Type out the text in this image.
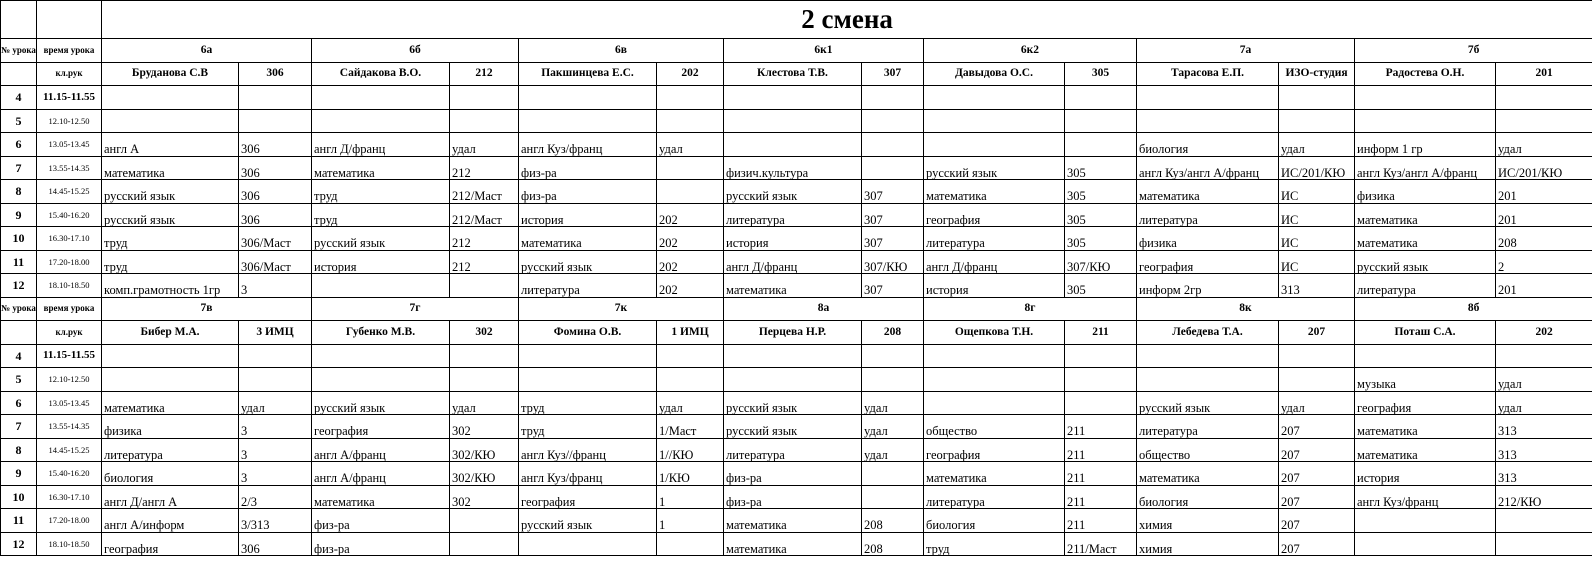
		2 смена													
№ урока	время урока	6а		6б		6в		6к1		6к2		7а		7б	
	кл.рук	Бруданова С.В	306	Сайдакова В.О.	212	Пакшинцева Е.С.	202	Клестова Т.В.	307	Давыдова О.С.	305	Тарасова Е.П.	ИЗО-студия	Радостева О.Н.	201
4	11.15-11.55														
5	12.10-12.50														
6	13.05-13.45	англ А	306	англ Д/франц	удал	англ Куз/франц	удал					биология	удал	информ 1 гр	удал
7	13.55-14.35	математика	306	математика	212	физ-ра		физич.культура		русский язык	305	англ Куз/англ А/франц	ИС/201/КЮ	англ Куз/англ А/франц	ИС/201/КЮ
8	14.45-15.25	русский язык	306	труд	212/Маст	физ-ра		русский язык	307	математика	305	математика	ИС	физика	201
9	15.40-16.20	русский язык	306	труд	212/Маст	история	202	литература	307	география	305	литература	ИС	математика	201
10	16.30-17.10	труд	306/Маст	русский язык	212	математика	202	история	307	литература	305	физика	ИС	математика	208
11	17.20-18.00	труд	306/Маст	история	212	русский язык	202	англ Д/франц	307/КЮ	англ Д/франц	307/КЮ	география	ИС	русский язык	2
12	18.10-18.50	комп.грамотность 1гр	3			литература	202	математика	307	история	305	информ 2гр	313	литература	201
№ урока	время урока	7в		7г		7к		8а		8г		8к		8б	
	кл.рук	Бибер М.А.	3 ИМЦ	Губенко М.В.	302	Фомина О.В.	1 ИМЦ	Перцева Н.Р.	208	Ощепкова Т.Н.	211	Лебедева Т.А.	207	Поташ С.А.	202
4	11.15-11.55														
5	12.10-12.50													музыка	удал
6	13.05-13.45	математика	удал	русский язык	удал	труд	удал	русский язык	удал			русский язык	удал	география	удал
7	13.55-14.35	физика	3	география	302	труд	1/Маст	русский язык	удал	общество	211	литература	207	математика	313
8	14.45-15.25	литература	3	англ А/франц	302/КЮ	англ Куз//франц	1//КЮ	литература	удал	география	211	общество	207	математика	313
9	15.40-16.20	биология	3	англ А/франц	302/КЮ	англ Куз/франц	1/КЮ	физ-ра		математика	211	математика	207	история	313
10	16.30-17.10	англ Д/англ А	2/3	математика	302	география	1	физ-ра		литература	211	биология	207	англ Куз/франц	212/КЮ
11	17.20-18.00	англ А/информ	3/313	физ-ра		русский язык	1	математика	208	биология	211	химия	207		
12	18.10-18.50	география	306	физ-ра				математика	208	труд	211/Маст	химия	207		
